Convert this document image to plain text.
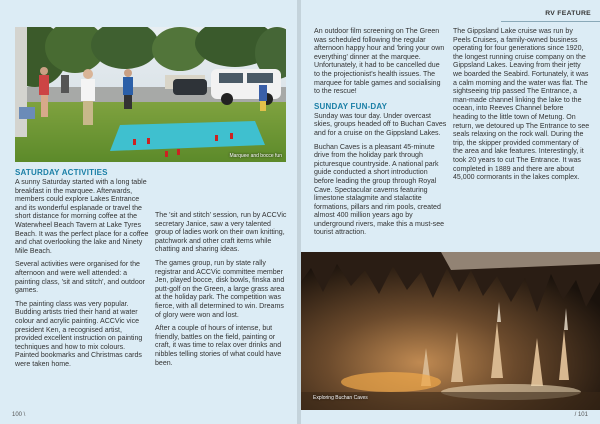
Marquee and bocce fun
SATURDAY ACTIVITIES

A sunny Saturday started with a long table breakfast in the marquee. Afterwards, members could explore Lakes Entrance and its wonderful esplanade or travel the short distance for morning coffee at the Waterwheel Beach Tavern at Lake Tyres Beach. It was the perfect place for a coffee and chat overlooking the lake and Ninety Mile Beach.

Several activities were organised for the afternoon and were well attended: a painting class, 'sit and stitch', and outdoor games.

The painting class was very popular. Budding artists tried their hand at water colour and acrylic painting. ACCVic vice president Ken, a recognised artist, provided excellent instruction on painting techniques and how to mix colours. Painted bookmarks and Christmas cards were taken home.

The 'sit and stitch' session, run by ACCVic secretary Janice, saw a very talented group of ladies work on their own knitting, patchwork and other craft items while chatting and sharing ideas.

The games group, run by state rally registrar and ACCVic committee member Jen, played bocce, disk bowls, finska and putt-golf on the Green, a large grass area at the holiday park. The competition was fierce, with all determined to win. Dreams of glory were won and lost.

After a couple of hours of intense, but friendly, battles on the field, painting or craft, it was time to relax over drinks and nibbles telling stories of what could have been.

100 \
RV FEATURE

An outdoor film screening on The Green was scheduled following the regular afternoon happy hour and 'bring your own everything' dinner at the marquee. Unfortunately, it had to be cancelled due to the projectionist's health issues. The marquee for table games and socialising to the rescue!

SUNDAY FUN-DAY

Sunday was tour day. Under overcast skies, groups headed off to Buchan Caves and for a cruise on the Gippsland Lakes.

Buchan Caves is a pleasant 45-minute drive from the holiday park through picturesque countryside. A national park guide conducted a short introduction before leading the group through Royal Cave. Spectacular caverns featuring limestone stalagmite and stalactite formations, pillars and rim pools, created almost 400 million years ago by underground rivers, make this a must-see tourist attraction.

The Gippsland Lake cruise was run by Peels Cruises, a family-owned business operating for four generations since 1920, the longest running cruise company on the Gippsland Lakes. Leaving from their jetty we boarded the Seabird. Fortunately, it was a calm morning and the water was flat. The sightseeing trip passed The Entrance, a man-made channel linking the lake to the ocean, into Reeves Channel before heading to the little town of Metung. On return, we detoured up The Entrance to see seals relaxing on the rock wall. During the trip, the skipper provided commentary of the area and lake features. Interestingly, it took 20 years to cut The Entrance. It was completed in 1889 and there are about 45,000 cormorants in the lakes complex.

Exploring Buchan Caves
/ 101
